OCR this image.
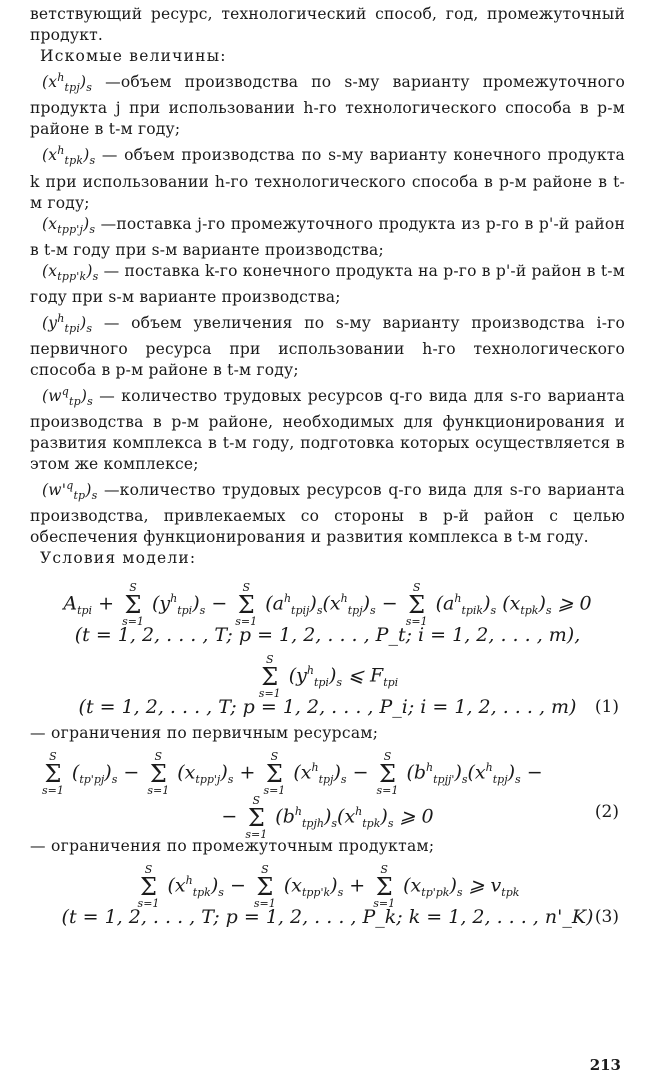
ветствующий ресурс, технологический способ, год, промежуточный продукт.

Искомые величины:

$(x^h_{tpj})_s$ —объем производства по s-му варианту промежуточного продукта j при использовании h-го технологического способа в p-м районе в t-м году;

$(x^h_{tpk})_s$ — объем производства по s-му варианту конечного продукта k при использовании h-го технологического способа в p-м районе в t-м году;

$(x_{tpp'j})_s$ —поставка j-го промежуточного продукта из p-го в p'-й район в t-м году при s-м варианте производства;

$(x_{tpp'k})_s$ — поставка k-го конечного продукта на p-го в p'-й район в t-м году при s-м варианте производства;

$(y^h_{tpi})_s$ — объем увеличения по s-му варианту производства i-го первичного ресурса при использовании h-го технологического способа в p-м районе в t-м году;

$(w^q_{tp})_s$ — количество трудовых ресурсов q-го вида для s-го варианта производства в p-м районе, необходимых для функционирования и развития комплекса в t-м году, подготовка которых осуществляется в этом же комплексе;

$(w'^q_{tp})_s$ —количество трудовых ресурсов q-го вида для s-го варианта производства, привлекаемых со стороны в p-й район с целью обеспечения функционирования и развития комплекса в t-м году.

Условия модели:

$A_{tpi}$ +
S
Σ
s=1
$(y^h_{tpi})_s$ −
S
Σ
s=1
$(a^h_{tpij})_s(x^h_{tpj})_s$ −
S
Σ
s=1
$(a^h_{tpik})_s$ $(x_{tpk})_s$ ⩾ 0
(t = 1, 2, . . . , T; p = 1, 2, . . . , P_t; i = 1, 2, . . . , m),
S
Σ
s=1
$(y^h_{tpi})_s$ ⩽ $F_{tpi}$
(t = 1, 2, . . . , T; p = 1, 2, . . . , P_i; i = 1, 2, . . . , m) (1)

— ограничения по первичным ресурсам;

S
Σ
s=1
$(_{tp'pj})_s$ −
S
Σ
s=1
$(x_{tpp'j})_s$ +
S
Σ
s=1
$(x^h_{tpj})_s$ −
S
Σ
s=1
$(b^h_{tpjj'})_s(x^h_{tpj})_s$ −
−
S
Σ
s=1
$(b^h_{tpjh})_s(x^h_{tpk})_s$ ⩾ 0	(2)

— ограничения по промежуточным продуктам;

S
Σ
s=1
$(x^h_{tpk})_s$ −
S
Σ
s=1
$(x_{tpp'k})_s$ +
S
Σ
s=1
$(x_{tp'pk})_s$ ⩾ $v_{tpk}$
(t = 1, 2, . . . , T; p = 1, 2, . . . , P_k; k = 1, 2, . . . , n'_K) (3)
213
